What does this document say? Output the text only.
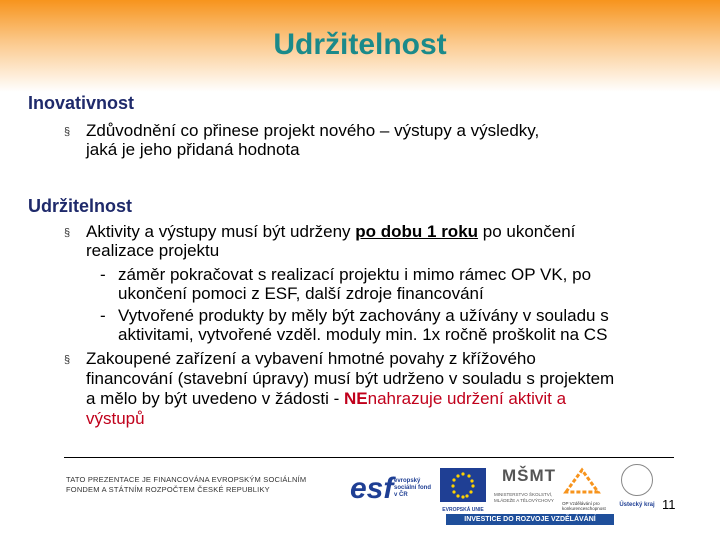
Udržitelnost
Inovativnost
§ Zdůvodnění co přinese projekt nového – výstupy a výsledky,
jaká je jeho přidaná hodnota
Udržitelnost
§ Aktivity a výstupy musí být udrženy po dobu 1 roku po ukončení
realizace projektu
- záměr pokračovat s realizací projektu i mimo rámec OP VK, po
ukončení pomoci z ESF, další zdroje financování
- Vytvořené produkty by měly být zachovány a užívány v souladu s
aktivitami, vytvořené vzděl. moduly min. 1x ročně proškolit na CS
§ Zakoupené zařízení a vybavení hmotné povahy z křížového
financování (stavební úpravy) musí být udrženo v souladu s projektem
a mělo by být uvedeno v žádosti - NEnahrazuje udržení aktivit a
výstupů
TATO PREZENTACE JE FINANCOVÁNA EVROPSKÝM SOCIÁLNÍM
FONDEM A STÁTNÍM ROZPOČTEM ČESKÉ REPUBLIKY	esf evropský sociální fond v ČR
EVROPSKÁ UNIE
MŠMT
MINISTERSTVO ŠKOLSTVÍ, MLÁDEŽE A TĚLOVÝCHOVY
OP Vzdělávání pro konkurenceschopnost
Ústecký kraj
INVESTICE DO ROZVOJE VZDĚLÁVÁNÍ
11
